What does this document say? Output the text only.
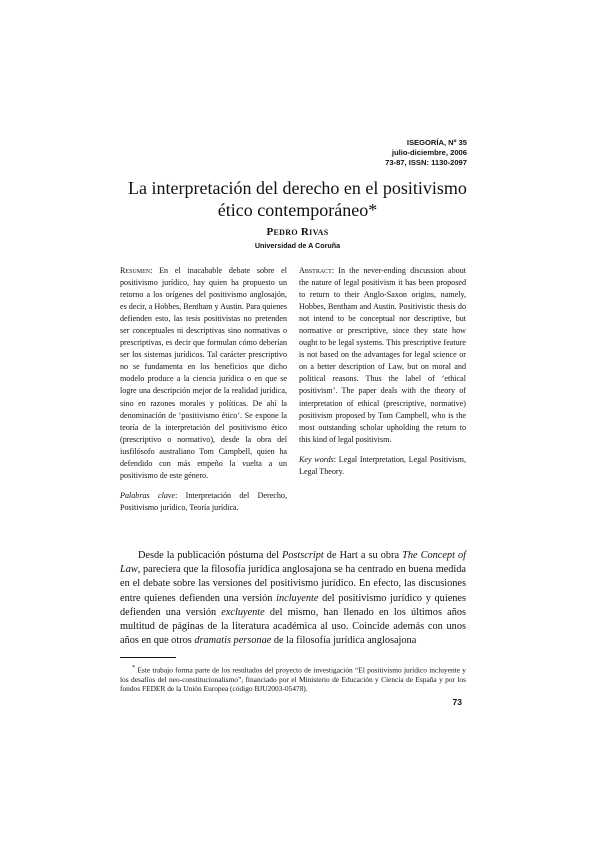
ISEGORÍA, Nº 35
julio-diciembre, 2006
73-87, ISSN: 1130-2097
La interpretación del derecho en el positivismo
ético contemporáneo*
Pedro Rivas
Universidad de A Coruña

Resumen: En el inacabable debate sobre el positivismo jurídico, hay quien ha propuesto un retorno a los orígenes del positivismo anglosajón, es decir, a Hobbes, Bentham y Austin. Para quienes defienden esto, las tesis positivistas no pretenden ser conceptuales ni descriptivas sino normativas o prescriptivas, es decir que formulan cómo deberían ser los sistemas jurídicos. Tal carácter prescriptivo no se fundamenta en los beneficios que dicho modelo produce a la ciencia jurídica o en que se logre una descripción mejor de la realidad jurídica, sino en razones morales y políticas. De ahí la denominación de ‘positivismo ético’. Se expone la teoría de la interpretación del positivismo ético (prescriptivo o normativo), desde la obra del iusfilósofo australiano Tom Campbell, quien ha defendido con más empeño la vuelta a un positivismo de este género.

Palabras clave: Interpretación del Derecho, Positivismo jurídico, Teoría jurídica.

Abstract: In the never-ending discussion about the nature of legal positivism it has been proposed to return to their Anglo-Saxon origins, namely, Hobbes, Bentham and Austin. Positivistic thesis do not intend to be conceptual nor descriptive, but normative or prescriptive, since they state how ought to be legal systems. This prescriptive feature is not based on the advantages for legal science or on a better description of Law, but on moral and political reasons. Thus the label of ‘ethical positivism’. The paper deals with the theory of interpretation of ethical (prescriptive, normative) positivism proposed by Tom Campbell, who is the most outstanding scholar upholding the return to this kind of legal positivism.

Key words: Legal Interpretation, Legal Positivism, Legal Theory.

Desde la publicación póstuma del Postscript de Hart a su obra The Concept of Law, pareciera que la filosofía jurídica anglosajona se ha centrado en buena medida en el debate sobre las versiones del positivismo jurídico. En efecto, las discusiones entre quienes defienden una versión incluyente del positivismo jurídico y quienes defienden una versión excluyente del mismo, han llenado en los últimos años multitud de páginas de la literatura académica al uso. Coincide además con unos años en que otros dramatis personae de la filosofía jurídica anglosajona

* Este trabajo forma parte de los resultados del proyecto de investigación “El positivismo jurídico incluyente y los desafíos del neo-constitucionalismo”, financiado por el Ministerio de Educación y Ciencia de España y por los fondos FEDER de la Unión Europea (código BJU2003-05478).

73
